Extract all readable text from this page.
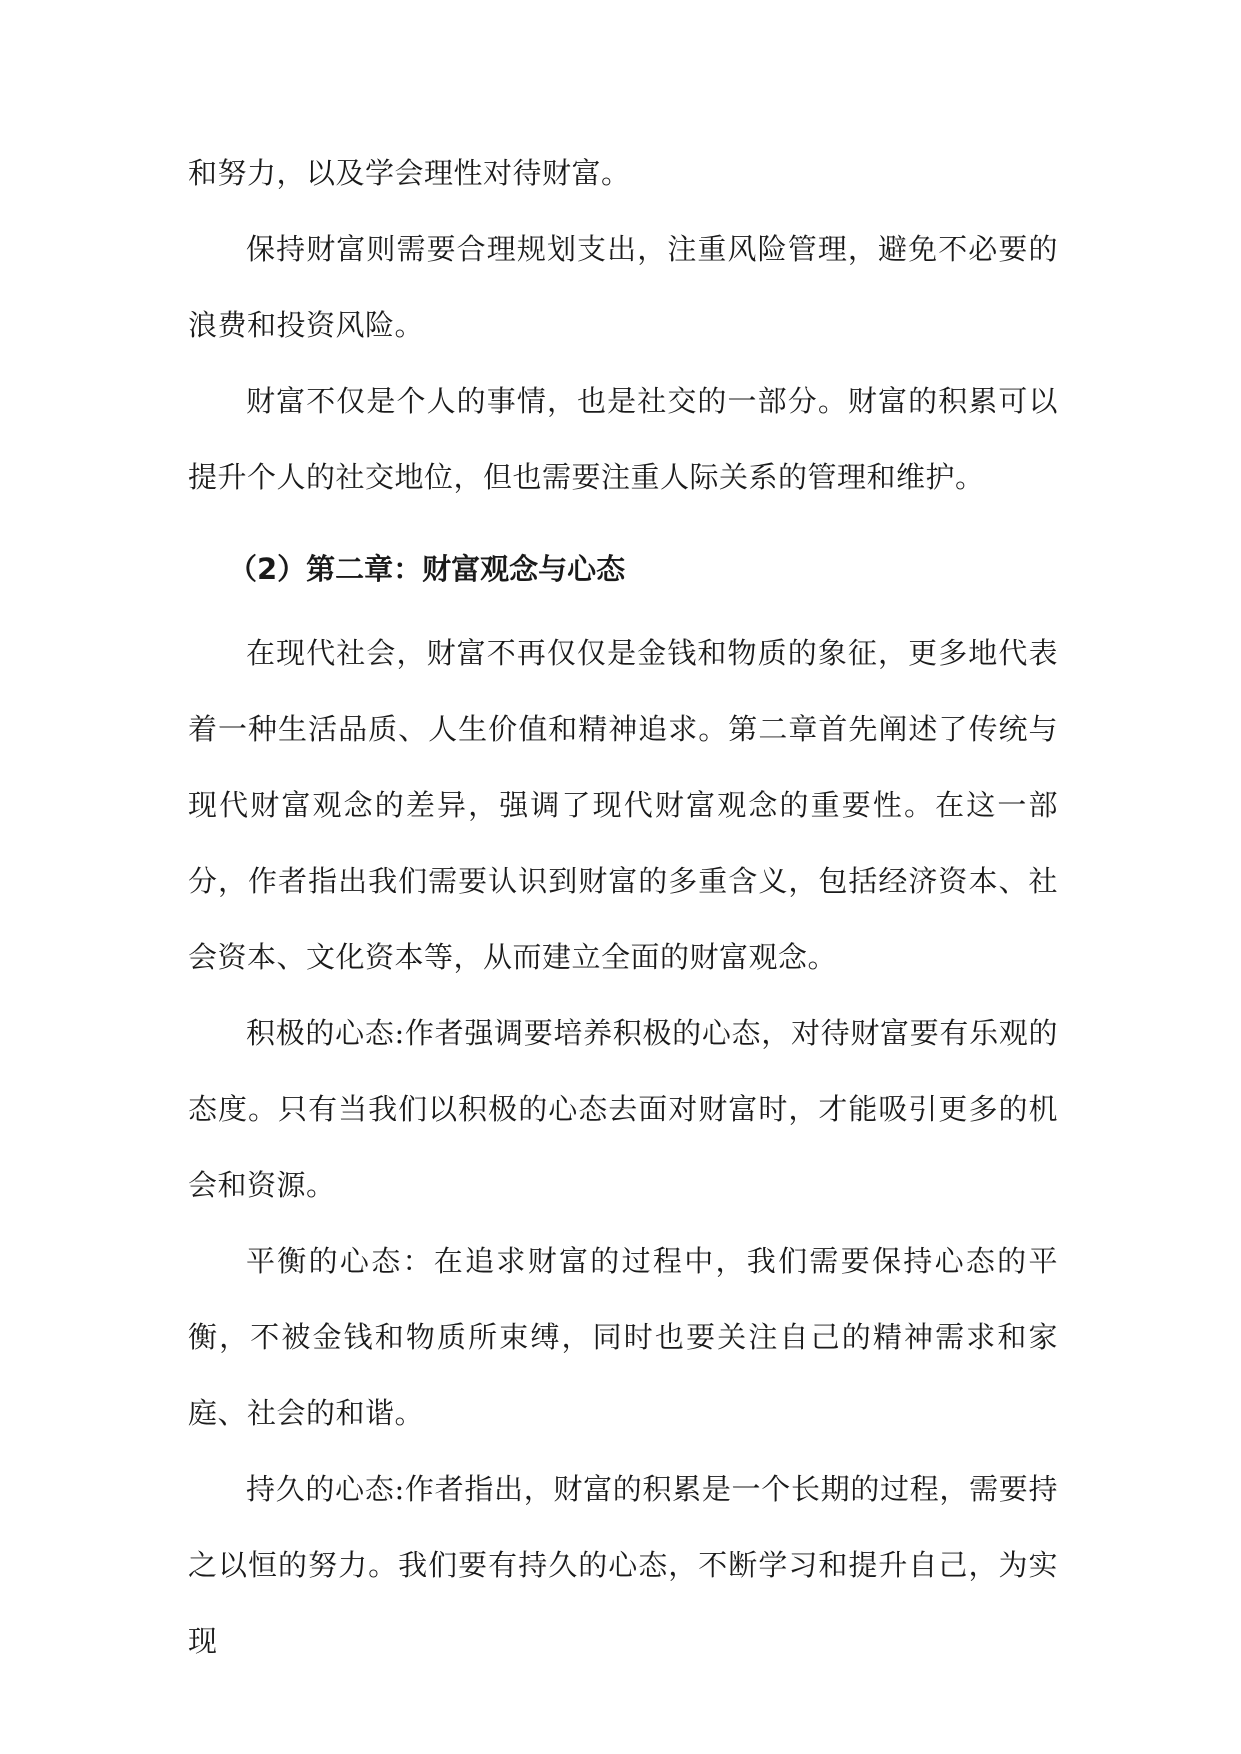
和努力，以及学会理性对待财富。

保持财富则需要合理规划支出，注重风险管理，避免不必要的浪费和投资风险。

财富不仅是个人的事情，也是社交的一部分。财富的积累可以提升个人的社交地位，但也需要注重人际关系的管理和维护。

（2）第二章：财富观念与心态

在现代社会，财富不再仅仅是金钱和物质的象征，更多地代表着一种生活品质、人生价值和精神追求。第二章首先阐述了传统与现代财富观念的差异，强调了现代财富观念的重要性。在这一部分，作者指出我们需要认识到财富的多重含义，包括经济资本、社会资本、文化资本等，从而建立全面的财富观念。

积极的心态:作者强调要培养积极的心态，对待财富要有乐观的态度。只有当我们以积极的心态去面对财富时，才能吸引更多的机会和资源。

平衡的心态：在追求财富的过程中，我们需要保持心态的平衡，不被金钱和物质所束缚，同时也要关注自己的精神需求和家庭、社会的和谐。

持久的心态:作者指出，财富的积累是一个长期的过程，需要持之以恒的努力。我们要有持久的心态，不断学习和提升自己，为实现
